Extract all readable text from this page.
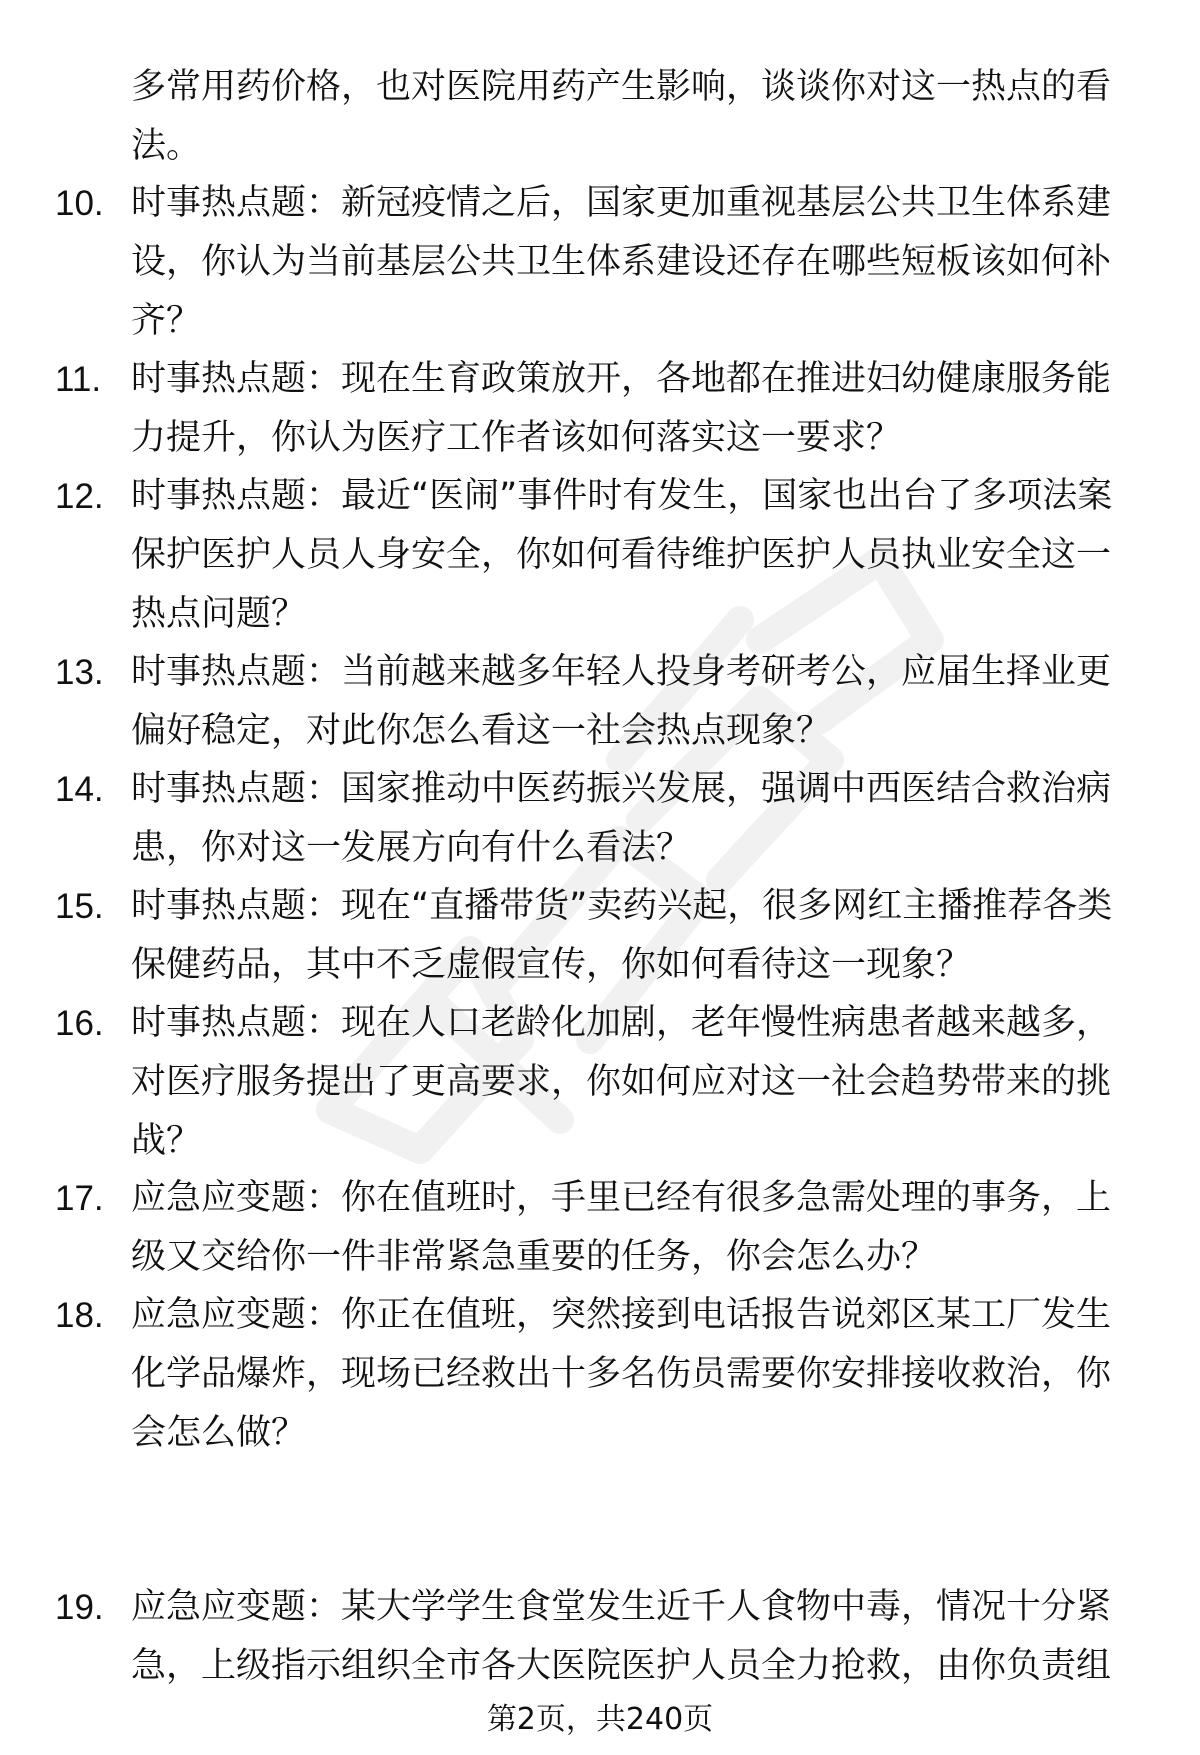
多常用药价格，也对医院用药产生影响，谈谈你对这一热点的看法。
10. 时事热点题：新冠疫情之后，国家更加重视基层公共卫生体系建设，你认为当前基层公共卫生体系建设还存在哪些短板该如何补齐？
11. 时事热点题：现在生育政策放开，各地都在推进妇幼健康服务能力提升，你认为医疗工作者该如何落实这一要求？
12. 时事热点题：最近“医闹”事件时有发生，国家也出台了多项法案保护医护人员人身安全，你如何看待维护医护人员执业安全这一热点问题？
13. 时事热点题：当前越来越多年轻人投身考研考公，应届生择业更偏好稳定，对此你怎么看这一社会热点现象？
14. 时事热点题：国家推动中医药振兴发展，强调中西医结合救治病患，你对这一发展方向有什么看法？
15. 时事热点题：现在“直播带货”卖药兴起，很多网红主播推荐各类保健药品，其中不乏虚假宣传，你如何看待这一现象？
16. 时事热点题：现在人口老龄化加剧，老年慢性病患者越来越多，对医疗服务提出了更高要求，你如何应对这一社会趋势带来的挑战？
17. 应急应变题：你在值班时，手里已经有很多急需处理的事务，上级又交给你一件非常紧急重要的任务，你会怎么办？
18. 应急应变题：你正在值班，突然接到电话报告说郊区某工厂发生化学品爆炸，现场已经救出十多名伤员需要你安排接收救治，你会怎么做？
19. 应急应变题：某大学学生食堂发生近千人食物中毒，情况十分紧急，上级指示组织全市各大医院医护人员全力抢救，由你负责组
第2页，共240页
